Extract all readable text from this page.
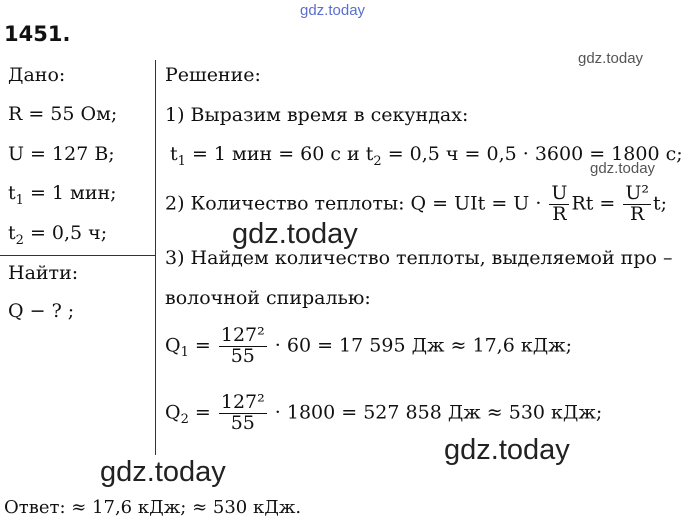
gdz.today
1451.
Дано:
R = 55 Ом;
U = 127 В;
$t_1 = 1$ мин;
$t_2 = 0,5$ ч;
Найти:
Q − ? ;
Решение:
1) Выразим время в секундах:
$t_1 = 1$ мин = 60 с и $t_2 = 0,5$ ч = 0,5 · 3600 = 1800 с;
gdz.today
2) Количество теплоты: Q = UIt = $U \cdot \frac{U}{R}$ $Rt = \frac{\text{U²}}{R} t$;
gdz.today
3) Найдем количество теплоты, выделяемой про –
волочной спиралью:
$Q_1 = \frac{\text{127²}}{55} \cdot 60 = 17$ 595 Дж ≈ 17,6 кДж;
$Q_2 = \frac{\text{127²}}{55} \cdot 1800 = 527$ 858 Дж ≈ 530 кДж;
gdz.today
gdz.today
gdz.today
Ответ: ≈ 17,6 кДж; ≈ 530 кДж.
